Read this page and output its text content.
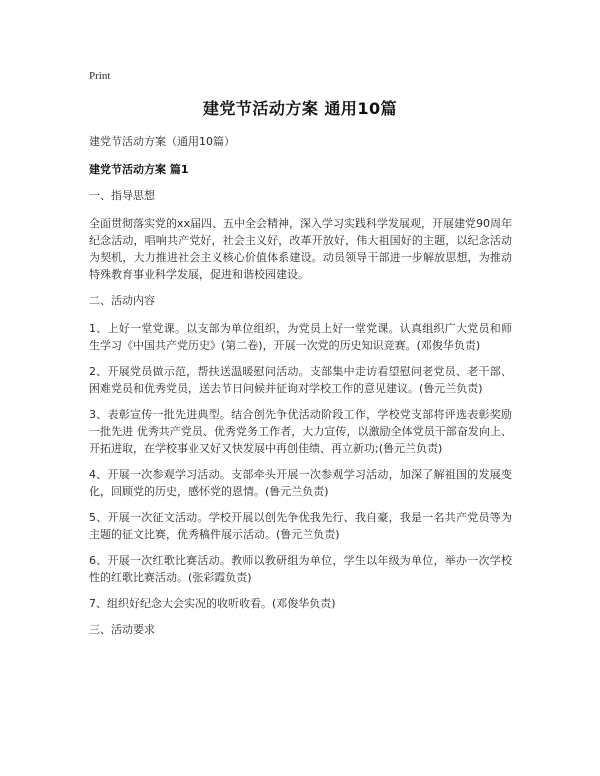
Print
建党节活动方案 通用10篇

建党节活动方案（通用10篇）

建党节活动方案 篇1

一、指导思想

全面贯彻落实党的xx届四、五中全会精神，深入学习实践科学发展观，开展建党90周年纪念活动，唱响共产党好，社会主义好，改革开放好，伟大祖国好的主题，以纪念活动为契机，大力推进社会主义核心价值体系建设。动员领导干部进一步解放思想，为推动特殊教育事业科学发展，促进和谐校园建设。

二、活动内容

1、上好一堂党课。以支部为单位组织，为党员上好一堂党课。认真组织广大党员和师生学习《中国共产党历史》(第二卷)，开展一次党的历史知识竞赛。(邓俊华负责)

2、开展党员做示范，帮扶送温暖慰问活动。支部集中走访看望慰问老党员、老干部、困难党员和优秀党员，送去节日问候并征询对学校工作的意见建议。(鲁元兰负责)

3、表彰宣传一批先进典型。结合创先争优活动阶段工作，学校党支部将评选表彰奖励一批先进 优秀共产党员、优秀党务工作者，大力宣传，以激励全体党员干部奋发向上、开拓进取，在学校事业又好又快发展中再创佳绩、再立新功;(鲁元兰负责)

4、开展一次参观学习活动。支部牵头开展一次参观学习活动，加深了解祖国的发展变化，回顾党的历史，感怀党的恩情。(鲁元兰负责)

5、开展一次征文活动。学校开展以创先争优我先行、我自豪，我是一名共产党员等为主题的征文比赛，优秀稿件展示活动。(鲁元兰负责)

6、开展一次红歌比赛活动。教师以教研组为单位，学生以年级为单位，举办一次学校性的红歌比赛活动。(张彩霞负责)

7、组织好纪念大会实况的收听收看。(邓俊华负责)

三、活动要求
